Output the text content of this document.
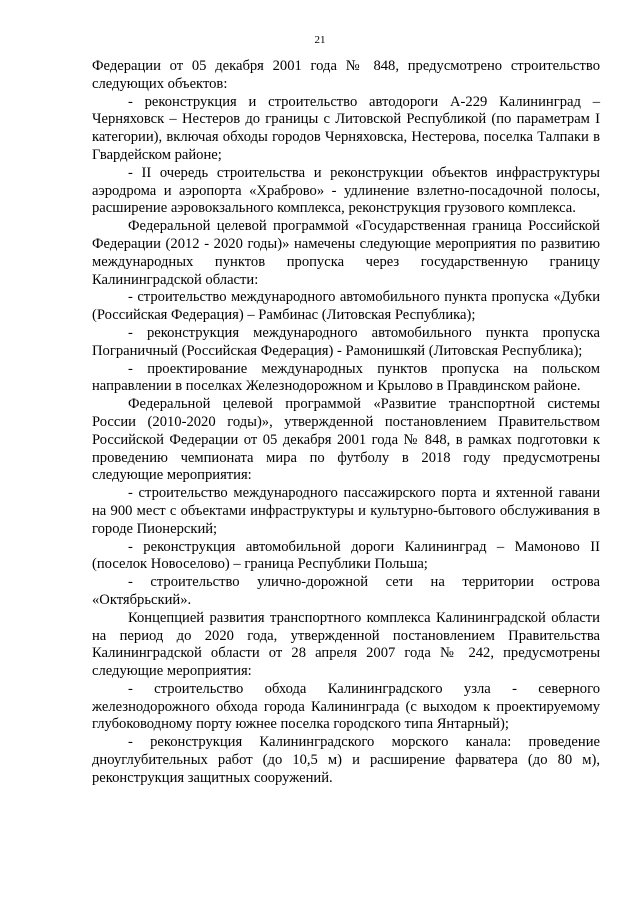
21

Федерации от 05 декабря 2001 года № 848, предусмотрено строительство следующих объектов:

- реконструкция и строительство автодороги А-229 Калининград – Черняховск – Нестеров до границы с Литовской Республикой (по параметрам I категории), включая обходы городов Черняховска, Нестерова, поселка Талпаки в Гвардейском районе;

- II очередь строительства и реконструкции объектов инфраструктуры аэродрома и аэропорта «Храброво» - удлинение взлетно-посадочной полосы, расширение аэровокзального комплекса, реконструкция грузового комплекса.

Федеральной целевой программой «Государственная граница Российской Федерации (2012 - 2020 годы)» намечены следующие мероприятия по развитию международных пунктов пропуска через государственную границу Калининградской области:

- строительство международного автомобильного пункта пропуска «Дубки (Российская Федерация) – Рамбинас (Литовская Республика);

- реконструкция международного автомобильного пункта пропуска Пограничный (Российская Федерация) - Рамонишкяй (Литовская Республика);

- проектирование международных пунктов пропуска на польском направлении в поселках Железнодорожном и Крылово в Правдинском районе.

Федеральной целевой программой «Развитие транспортной системы России (2010-2020 годы)», утвержденной постановлением Правительством Российской Федерации от 05 декабря 2001 года № 848, в рамках подготовки к проведению чемпионата мира по футболу в 2018 году предусмотрены следующие мероприятия:

- строительство международного пассажирского порта и яхтенной гавани на 900 мест с объектами инфраструктуры и культурно-бытового обслуживания в городе Пионерский;

- реконструкция автомобильной дороги Калининград – Мамоново II (поселок Новоселово) – граница Республики Польша;

- строительство улично-дорожной сети на территории острова «Октябрьский».

Концепцией развития транспортного комплекса Калининградской области на период до 2020 года, утвержденной постановлением Правительства Калининградской области от 28 апреля 2007 года № 242, предусмотрены следующие мероприятия:

- строительство обхода Калининградского узла - северного железнодорожного обхода города Калининграда (с выходом к проектируемому глубоководному порту южнее поселка городского типа Янтарный);

- реконструкция Калининградского морского канала: проведение дноуглубительных работ (до 10,5 м) и расширение фарватера (до 80 м), реконструкция защитных сооружений.
